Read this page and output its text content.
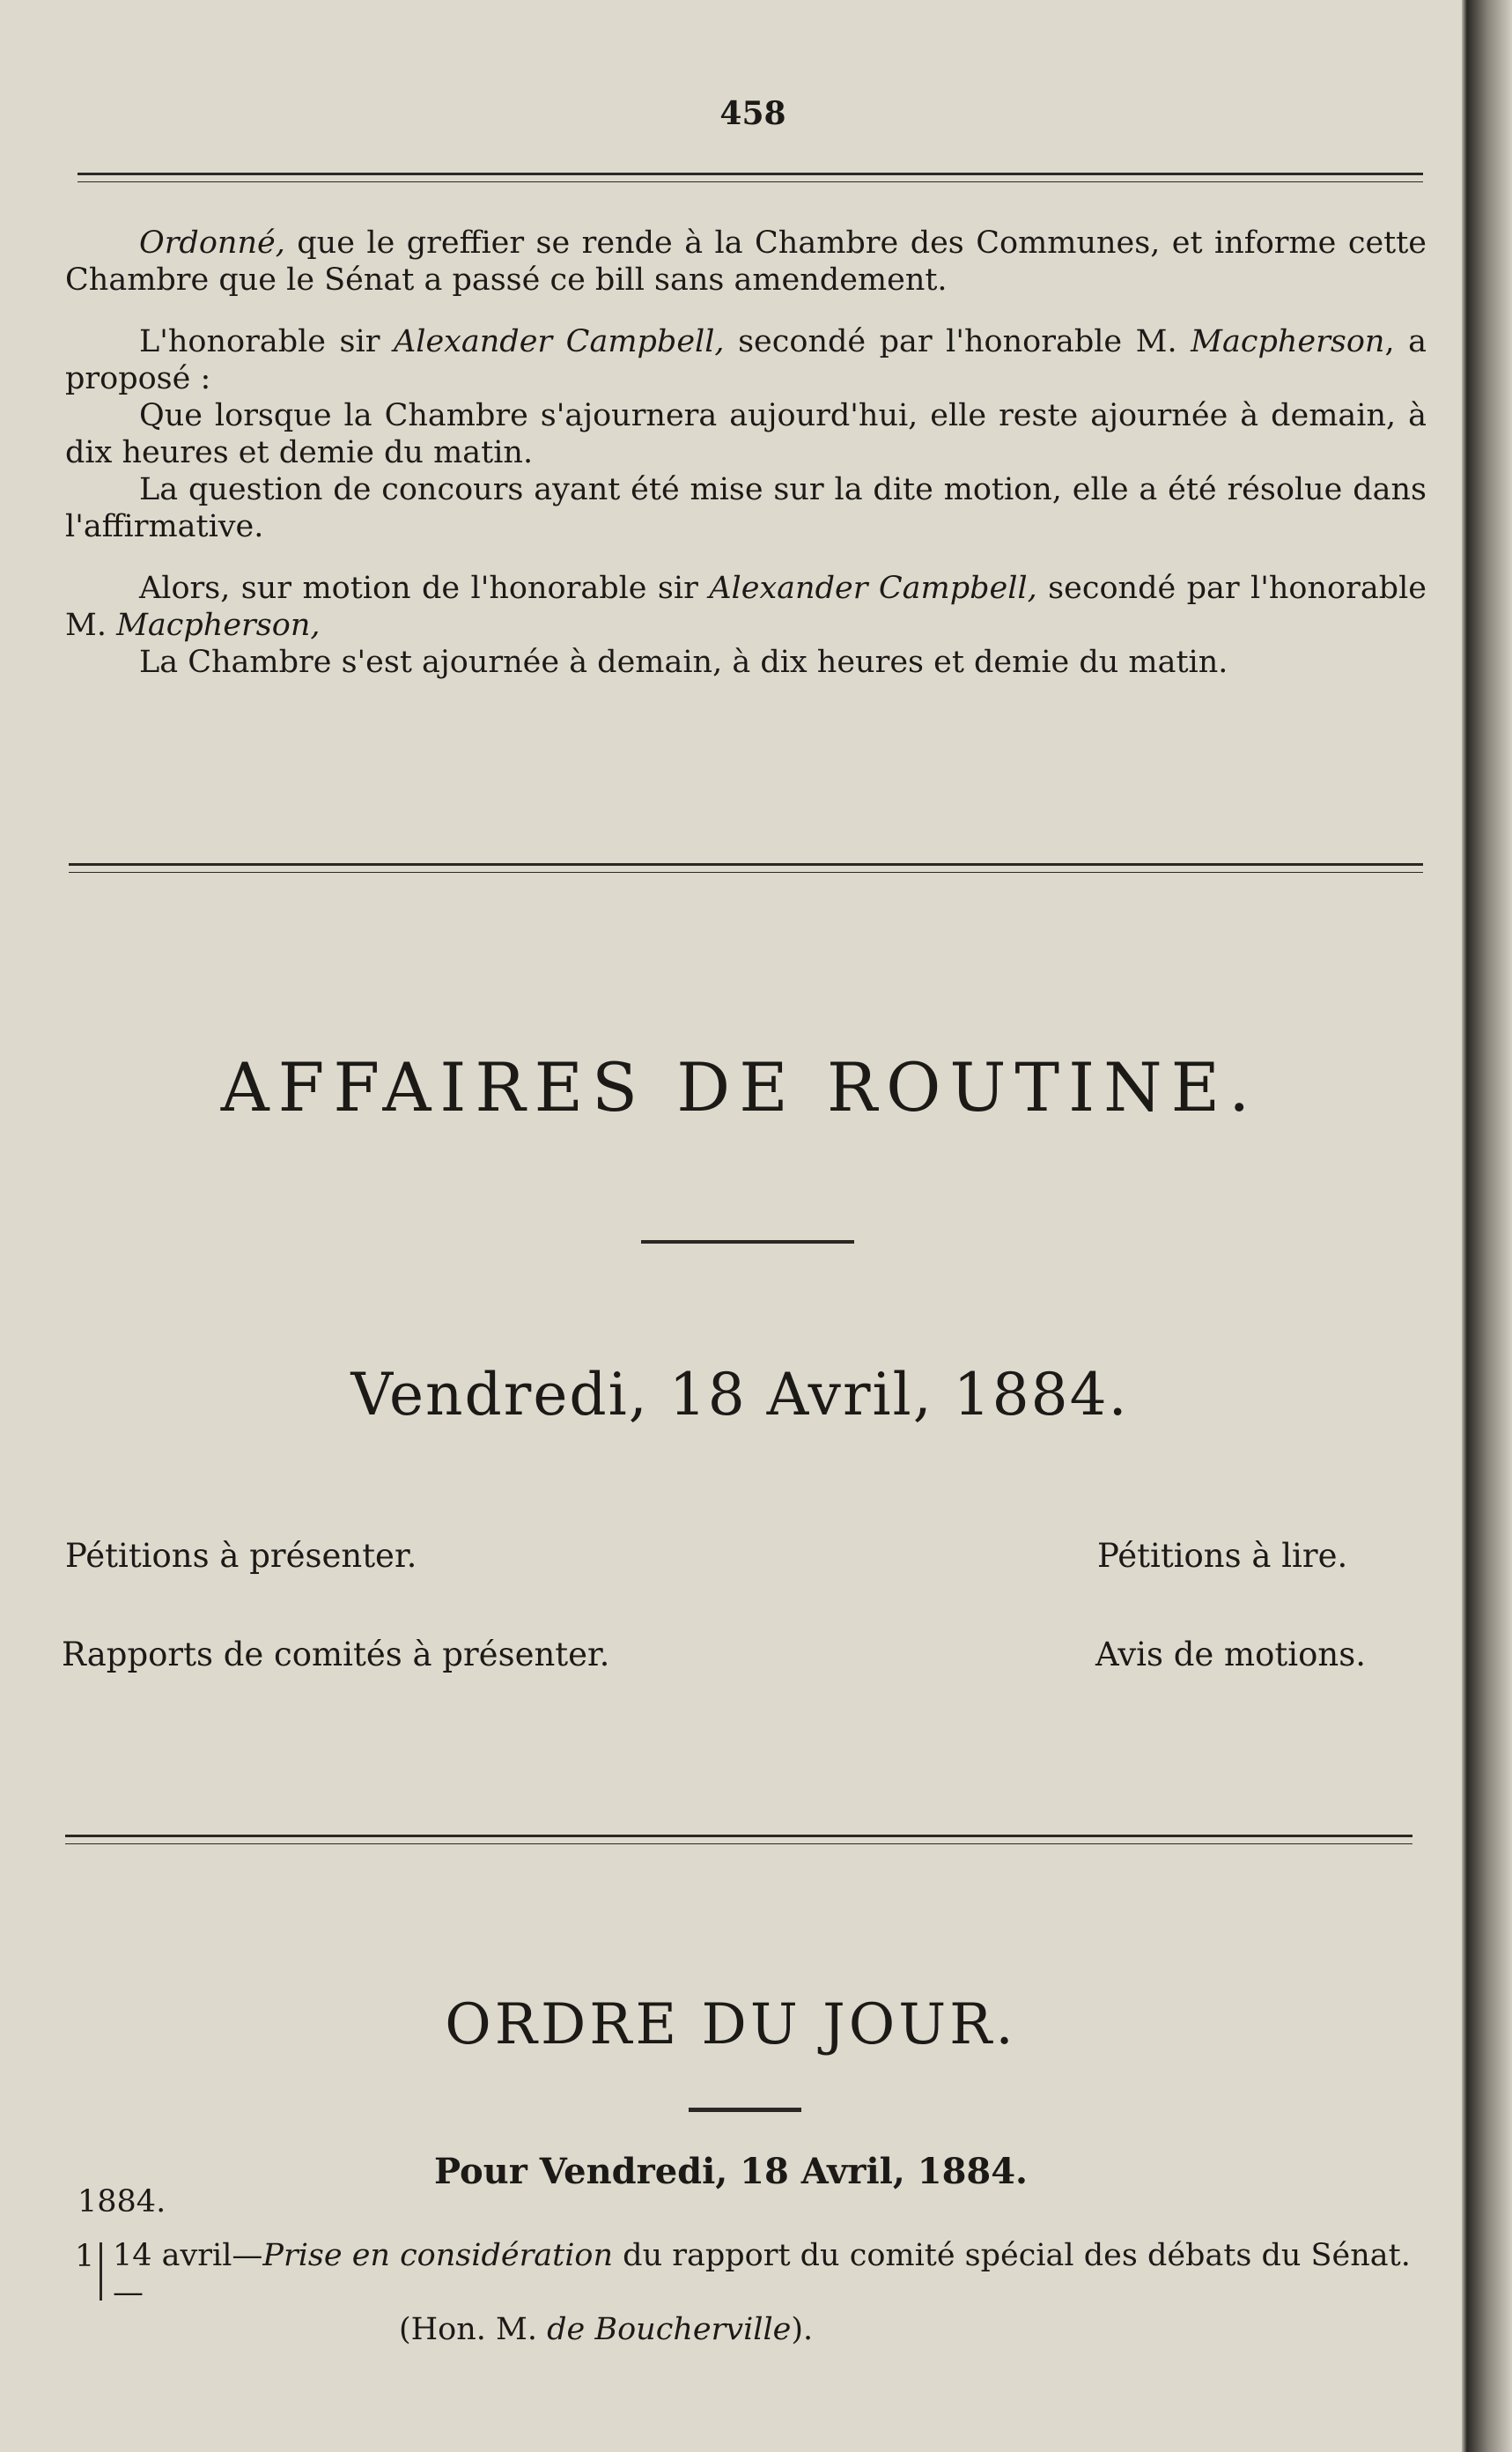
458
Ordonné, que le greffier se rende à la Chambre des Communes, et informe cette Chambre que le Sénat a passé ce bill sans amendement.
L'honorable sir Alexander Campbell, secondé par l'honorable M. Macpherson, a proposé :
Que lorsque la Chambre s'ajournera aujourd'hui, elle reste ajournée à demain, à dix heures et demie du matin.
La question de concours ayant été mise sur la dite motion, elle a été résolue dans l'affirmative.
Alors, sur motion de l'honorable sir Alexander Campbell, secondé par l'honorable M. Macpherson,
La Chambre s'est ajournée à demain, à dix heures et demie du matin.
AFFAIRES DE ROUTINE.
Vendredi, 18 Avril, 1884.
Pétitions à présenter.	Pétitions à lire.
Rapports de comités à présenter.	Avis de motions.
ORDRE DU JOUR.
Pour Vendredi, 18 Avril, 1884.
1884.
1 14 avril—Prise en considération du rapport du comité spécial des débats du Sénat.—
(Hon. M. de Boucherville).
